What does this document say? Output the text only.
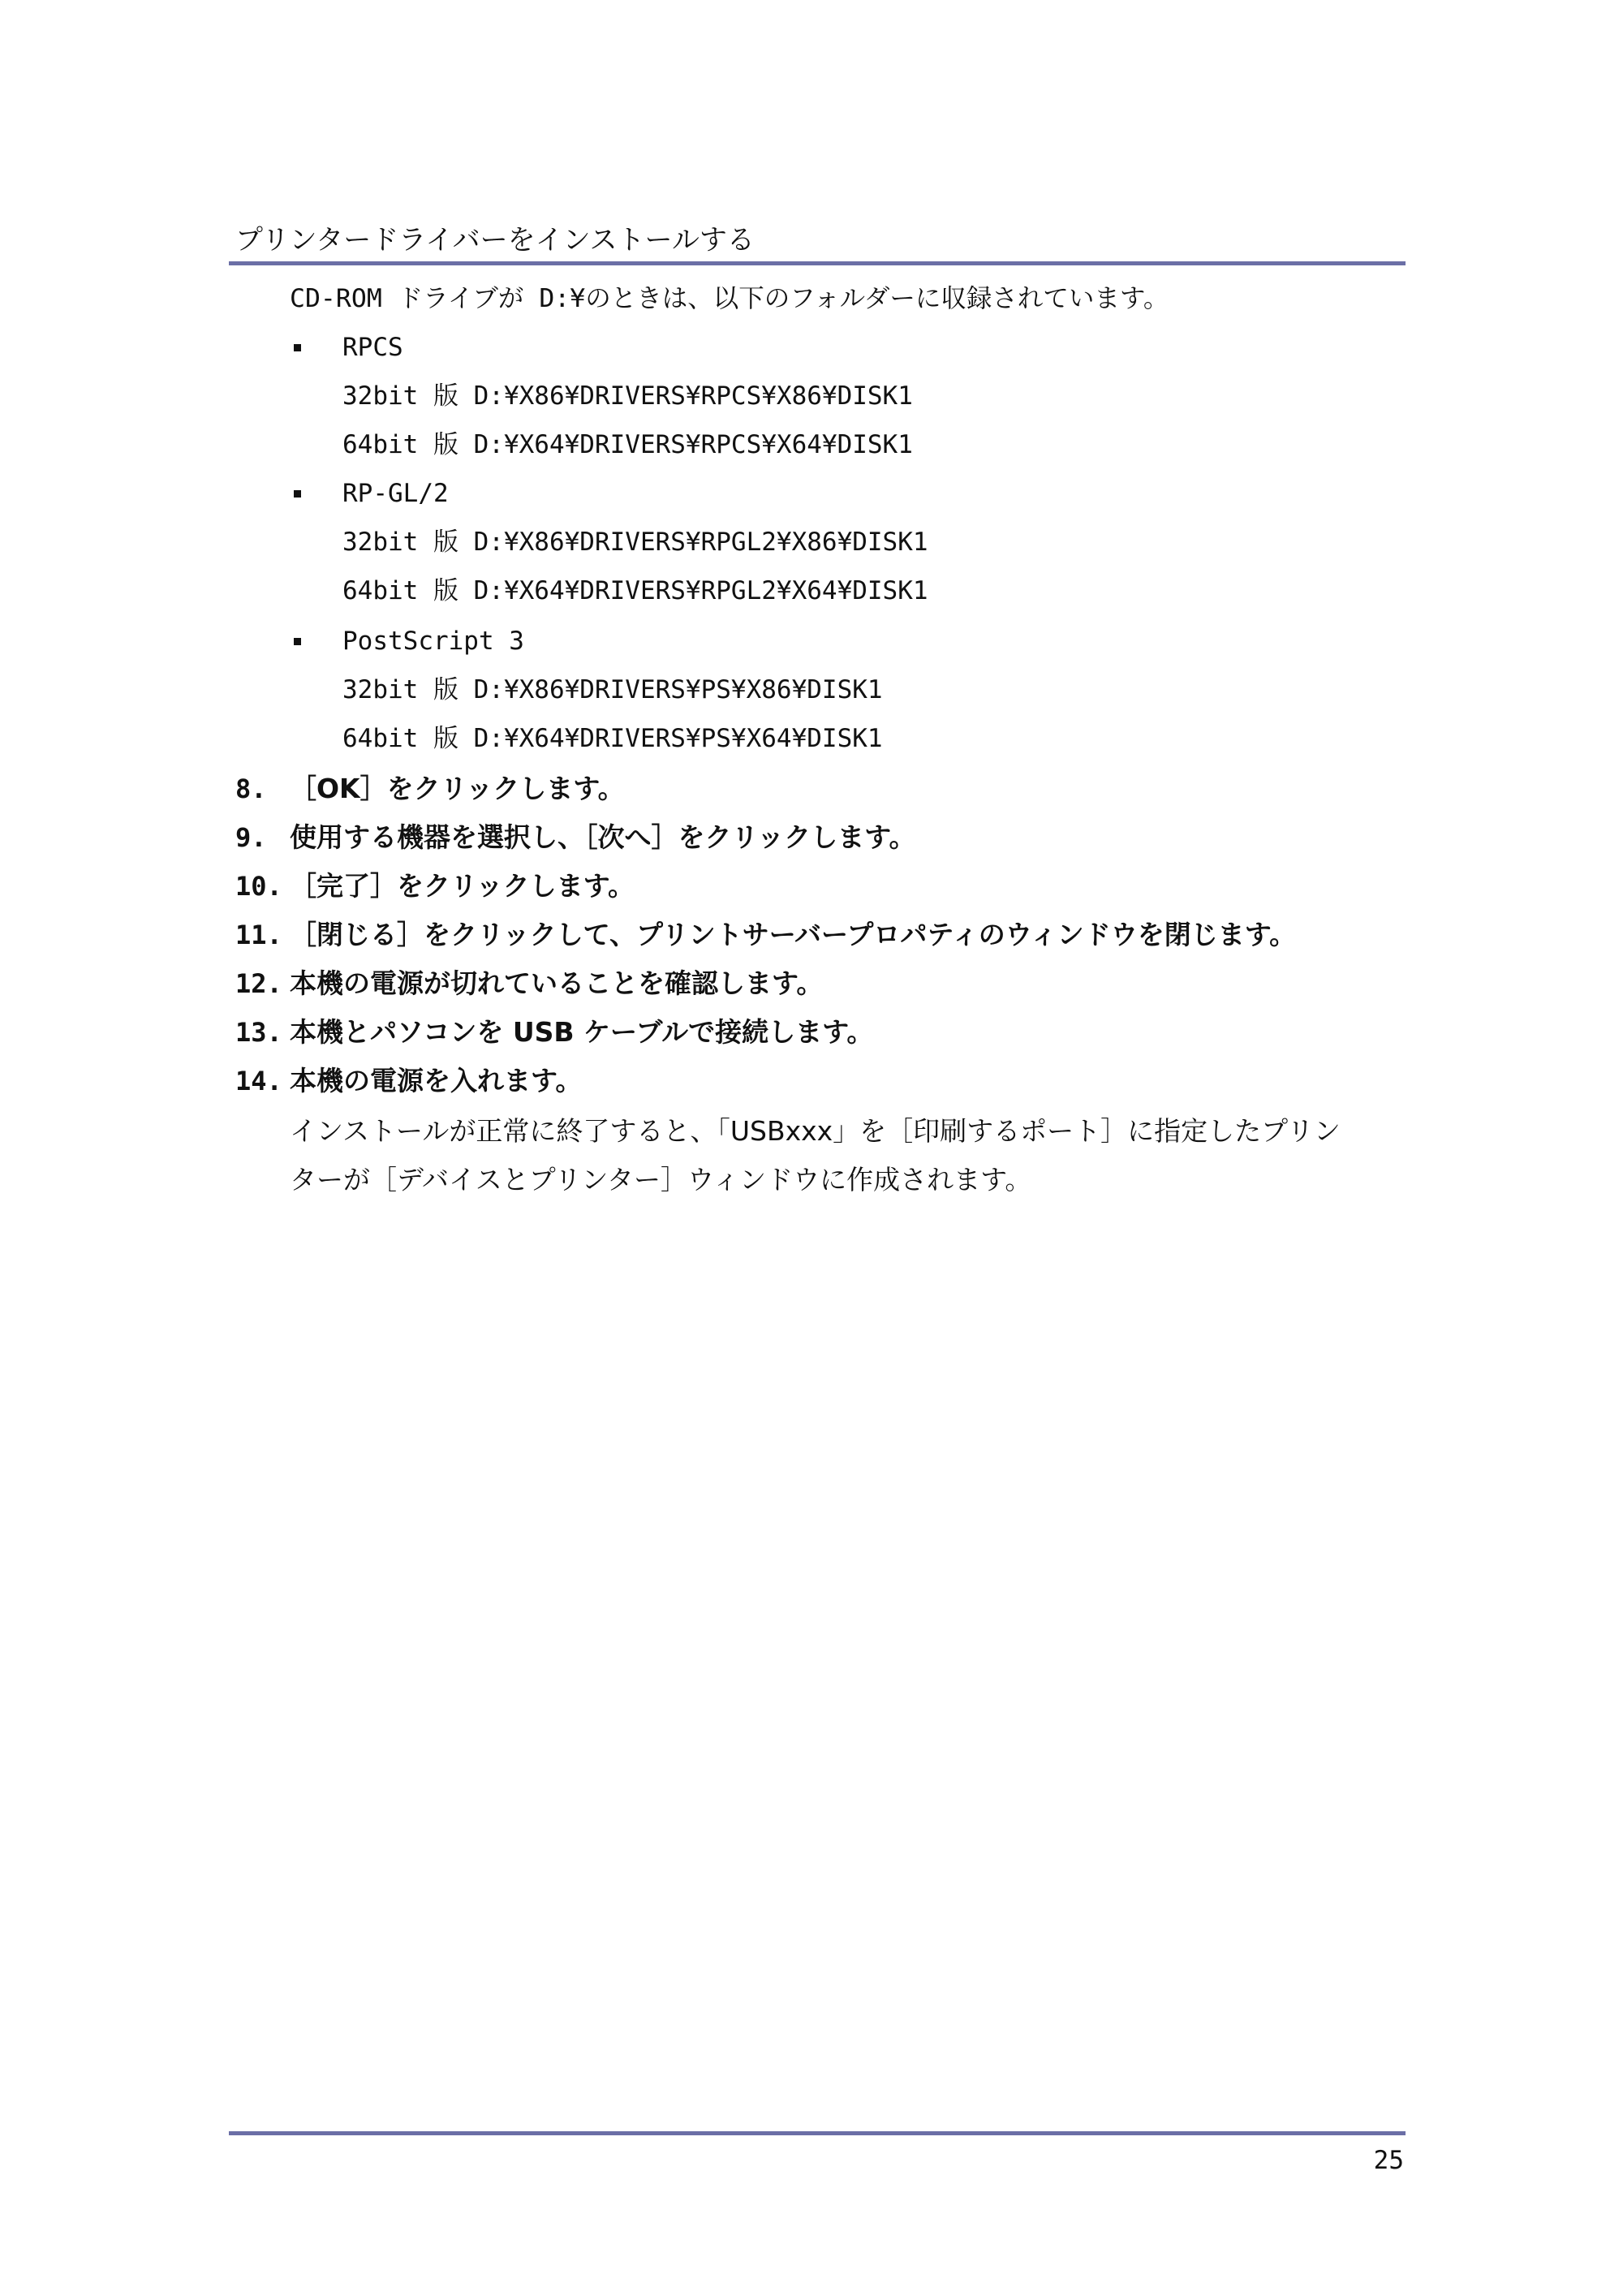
プリンタードライバーをインストールする
CD-ROM ドライブが D:¥のときは、以下のフォルダーに収録されています。
RPCS
32bit 版 D:¥X86¥DRIVERS¥RPCS¥X86¥DISK1
64bit 版 D:¥X64¥DRIVERS¥RPCS¥X64¥DISK1
RP-GL/2
32bit 版 D:¥X86¥DRIVERS¥RPGL2¥X86¥DISK1
64bit 版 D:¥X64¥DRIVERS¥RPGL2¥X64¥DISK1
PostScript 3
32bit 版 D:¥X86¥DRIVERS¥PS¥X86¥DISK1
64bit 版 D:¥X64¥DRIVERS¥PS¥X64¥DISK1
8. ［OK］をクリックします。
9. 使用する機器を選択し、［次へ］をクリックします。
10. ［完了］をクリックします。
11. ［閉じる］をクリックして、プリントサーバープロパティのウィンドウを閉じます。
12. 本機の電源が切れていることを確認します。
13. 本機とパソコンを USB ケーブルで接続します。
14. 本機の電源を入れます。
インストールが正常に終了すると、「USBxxx」を［印刷するポート］に指定したプリン
ターが［デバイスとプリンター］ウィンドウに作成されます。
25
